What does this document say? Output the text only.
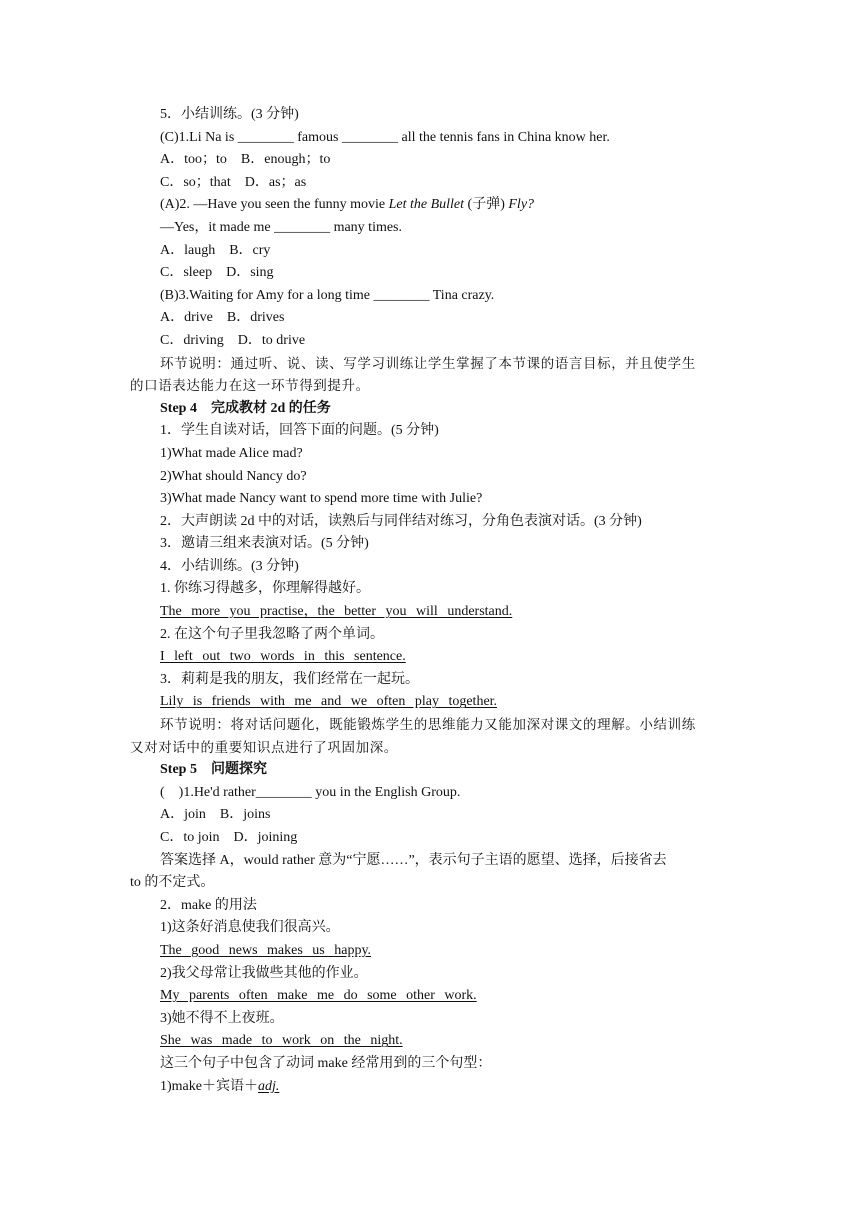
5．小结训练。(3 分钟)
(C)1.Li Na is ________ famous ________ all the tennis fans in China know her.
A．too；to　B．enough；to
C．so；that　D．as；as
(A)2. —Have you seen the funny movie Let the Bullet (子弹) Fly?
—Yes，it made me ________ many times.
A．laugh　B．cry
C．sleep　D．sing
(B)3.Waiting for Amy for a long time ________ Tina crazy.
A．drive　B．drives
C．driving　D．to drive
环节说明：通过听、说、读、写学习训练让学生掌握了本节课的语言目标，并且使学生
的口语表达能力在这一环节得到提升。
Step 4　完成教材 2d 的任务
1．学生自读对话，回答下面的问题。(5 分钟)
1)What made Alice mad?
2)What should Nancy do?
3)What made Nancy want to spend more time with Julie?
2．大声朗读 2d 中的对话，读熟后与同伴结对练习，分角色表演对话。(3 分钟)
3．邀请三组来表演对话。(5 分钟)
4．小结训练。(3 分钟)
1. 你练习得越多，你理解得越好。
The more you practise，the better you will understand.
2. 在这个句子里我忽略了两个单词。
I left out two words in this sentence.
3．莉莉是我的朋友，我们经常在一起玩。
Lily is friends with me and we often play together.
环节说明：将对话问题化，既能锻炼学生的思维能力又能加深对课文的理解。小结训练
又对对话中的重要知识点进行了巩固加深。
Step 5　问题探究
(　)1.He'd rather________ you in the English Group.
A．join　B．joins
C．to join　D．joining
答案选择 A，would rather 意为“宁愿……”，表示句子主语的愿望、选择，后接省去
to 的不定式。
2．make 的用法
1)这条好消息使我们很高兴。
The good news makes us happy.
2)我父母常让我做些其他的作业。
My parents often make me do some other work.
3)她不得不上夜班。
She was made to work on the night.
这三个句子中包含了动词 make 经常用到的三个句型：
1)make＋宾语＋adj.
